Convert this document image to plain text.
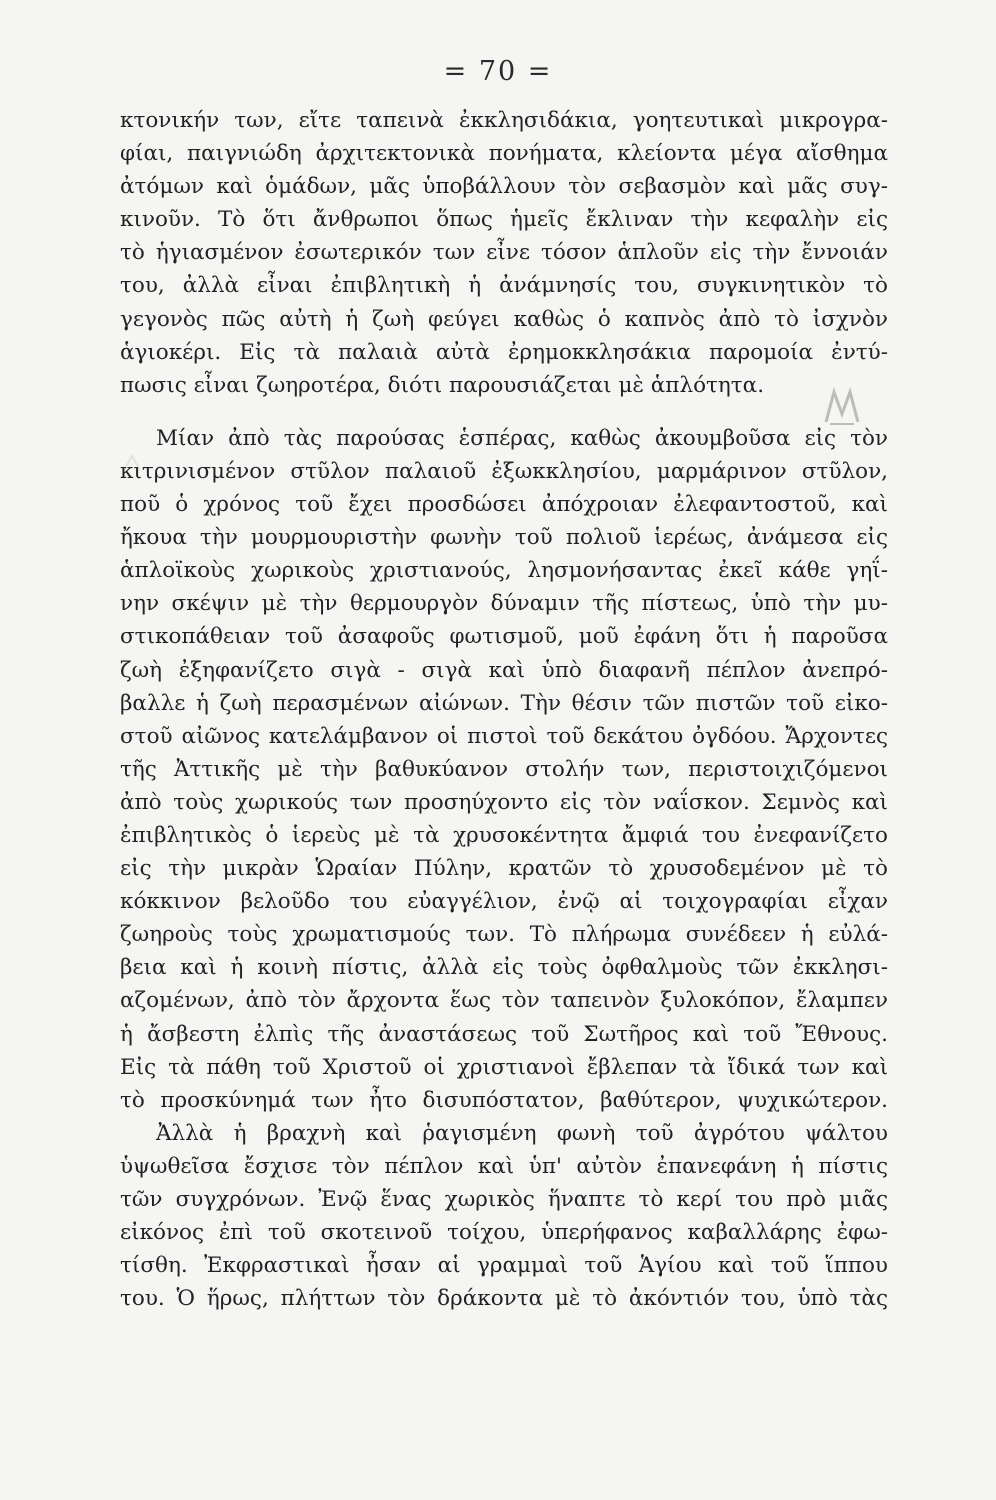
= 70 =
κτονικήν των, εἴτε ταπεινὰ ἐκκλησιδάκια, γοητευτικαὶ μικρογρα-
φίαι, παιγνιώδη ἀρχιτεκτονικὰ πονήματα, κλείοντα μέγα αἴσθημα
ἀτόμων καὶ ὁμάδων, μᾶς ὑποβάλλουν τὸν σεβασμὸν καὶ μᾶς συγ-
κινοῦν. Τὸ ὅτι ἄνθρωποι ὅπως ἡμεῖς ἔκλιναν τὴν κεφαλὴν εἰς
τὸ ἡγιασμένον ἐσωτερικόν των εἶνε τόσον ἁπλοῦν εἰς τὴν ἔννοιάν
του, ἀλλὰ εἶναι ἐπιβλητικὴ ἡ ἀνάμνησίς του, συγκινητικὸν τὸ
γεγονὸς πῶς αὐτὴ ἡ ζωὴ φεύγει καθὼς ὁ καπνὸς ἀπὸ τὸ ἰσχνὸν
ἁγιοκέρι. Εἰς τὰ παλαιὰ αὐτὰ ἐρημοκκλησάκια παρομοία ἐντύ-
πωσις εἶναι ζωηροτέρα, διότι παρουσιάζεται μὲ ἁπλότητα.
Μίαν ἀπὸ τὰς παρούσας ἑσπέρας, καθὼς ἀκουμβοῦσα εἰς τὸν
κιτρινισμένον στῦλον παλαιοῦ ἐξωκκλησίου, μαρμάρινον στῦλον,
ποῦ ὁ χρόνος τοῦ ἔχει προσδώσει ἀπόχροιαν ἐλεφαντοστοῦ, καὶ
ἤκουα τὴν μουρμουριστὴν φωνὴν τοῦ πολιοῦ ἱερέως, ἀνάμεσα εἰς
ἁπλοϊκοὺς χωρικοὺς χριστιανούς, λησμονήσαντας ἐκεῖ κάθε γηΐ-
νην σκέψιν μὲ τὴν θερμουργὸν δύναμιν τῆς πίστεως, ὑπὸ τὴν μυ-
στικοπάθειαν τοῦ ἀσαφοῦς φωτισμοῦ, μοῦ ἐφάνη ὅτι ἡ παροῦσα
ζωὴ ἐξηφανίζετο σιγὰ - σιγὰ καὶ ὑπὸ διαφανῆ πέπλον ἀνεπρό-
βαλλε ἡ ζωὴ περασμένων αἰώνων. Τὴν θέσιν τῶν πιστῶν τοῦ εἰκο-
στοῦ αἰῶνος κατελάμβανον οἱ πιστοὶ τοῦ δεκάτου ὀγδόου. Ἄρχοντες
τῆς Ἀττικῆς μὲ τὴν βαθυκύανον στολήν των, περιστοιχιζόμενοι
ἀπὸ τοὺς χωρικούς των προσηύχοντο εἰς τὸν ναΐσκον. Σεμνὸς καὶ
ἐπιβλητικὸς ὁ ἱερεὺς μὲ τὰ χρυσοκέντητα ἄμφιά του ἐνεφανίζετο
εἰς τὴν μικρὰν Ὡραίαν Πύλην, κρατῶν τὸ χρυσοδεμένον μὲ τὸ
κόκκινον βελοῦδο του εὐαγγέλιον, ἐνῷ αἱ τοιχογραφίαι εἶχαν
ζωηροὺς τοὺς χρωματισμούς των. Τὸ πλήρωμα συνέδεεν ἡ εὐλά-
βεια καὶ ἡ κοινὴ πίστις, ἀλλὰ εἰς τοὺς ὀφθαλμοὺς τῶν ἐκκλησι-
αζομένων, ἀπὸ τὸν ἄρχοντα ἕως τὸν ταπεινὸν ξυλοκόπον, ἔλαμπεν
ἡ ἄσβεστη ἐλπὶς τῆς ἀναστάσεως τοῦ Σωτῆρος καὶ τοῦ Ἔθνους.
Εἰς τὰ πάθη τοῦ Χριστοῦ οἱ χριστιανοὶ ἔβλεπαν τὰ ἴδικά των καὶ
τὸ προσκύνημά των ἦτο δισυπόστατον, βαθύτερον, ψυχικώτερον.
Ἀλλὰ ἡ βραχνὴ καὶ ῥαγισμένη φωνὴ τοῦ ἀγρότου ψάλτου
ὑψωθεῖσα ἔσχισε τὸν πέπλον καὶ ὑπ' αὐτὸν ἐπανεφάνη ἡ πίστις
τῶν συγχρόνων. Ἐνῷ ἕνας χωρικὸς ἥναπτε τὸ κερί του πρὸ μιᾶς
εἰκόνος ἐπὶ τοῦ σκοτεινοῦ τοίχου, ὑπερήφανος καβαλλάρης ἐφω-
τίσθη. Ἐκφραστικαὶ ἦσαν αἱ γραμμαὶ τοῦ Ἁγίου καὶ τοῦ ἵππου
του. Ὁ ἥρως, πλήττων τὸν δράκοντα μὲ τὸ ἀκόντιόν του, ὑπὸ τὰς
